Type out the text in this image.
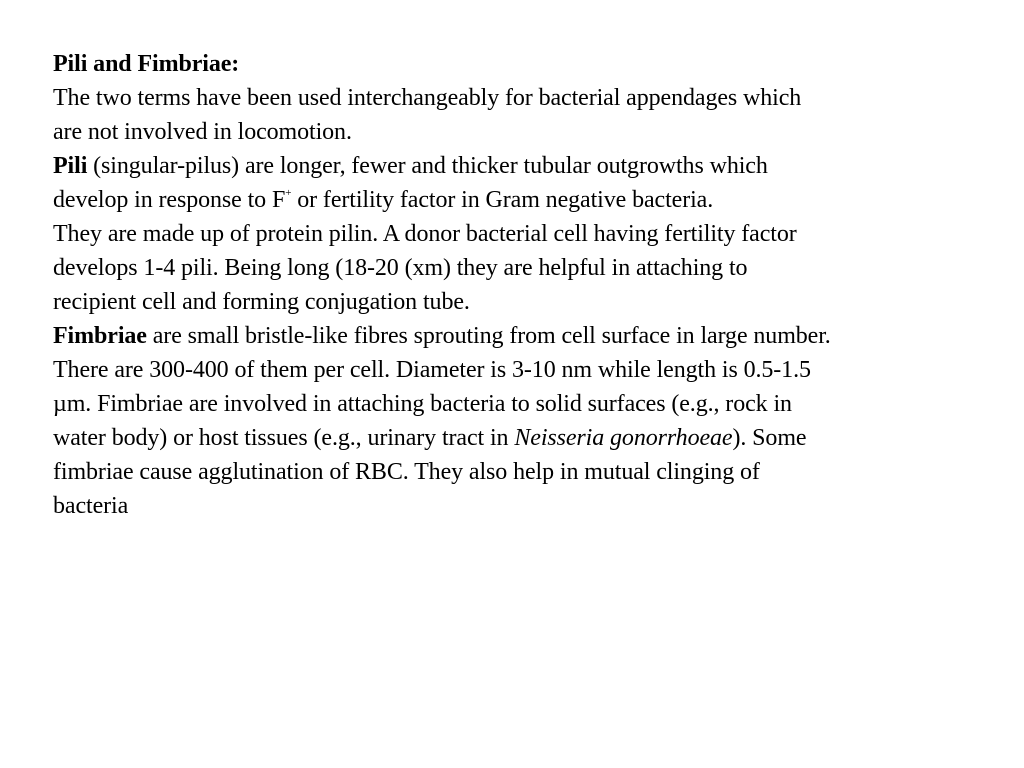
Pili and Fimbriae:
The two terms have been used interchangeably for bacterial appendages which
are not involved in locomotion.
Pili (singular-pilus) are longer, fewer and thicker tubular outgrowths which
develop in response to F+ or fertility factor in Gram negative bacteria.
They are made up of protein pilin. A donor bacterial cell having fertility factor
develops 1-4 pili. Being long (18-20 (xm) they are helpful in attaching to
recipient cell and forming conjugation tube.
Fimbriae are small bristle-like fibres sprouting from cell surface in large number.
There are 300-400 of them per cell. Diameter is 3-10 nm while length is 0.5-1.5
µm. Fimbriae are involved in attaching bacteria to solid surfaces (e.g., rock in
water body) or host tissues (e.g., urinary tract in Neisseria gonorrhoeae). Some
fimbriae cause agglutination of RBC. They also help in mutual clinging of
bacteria
